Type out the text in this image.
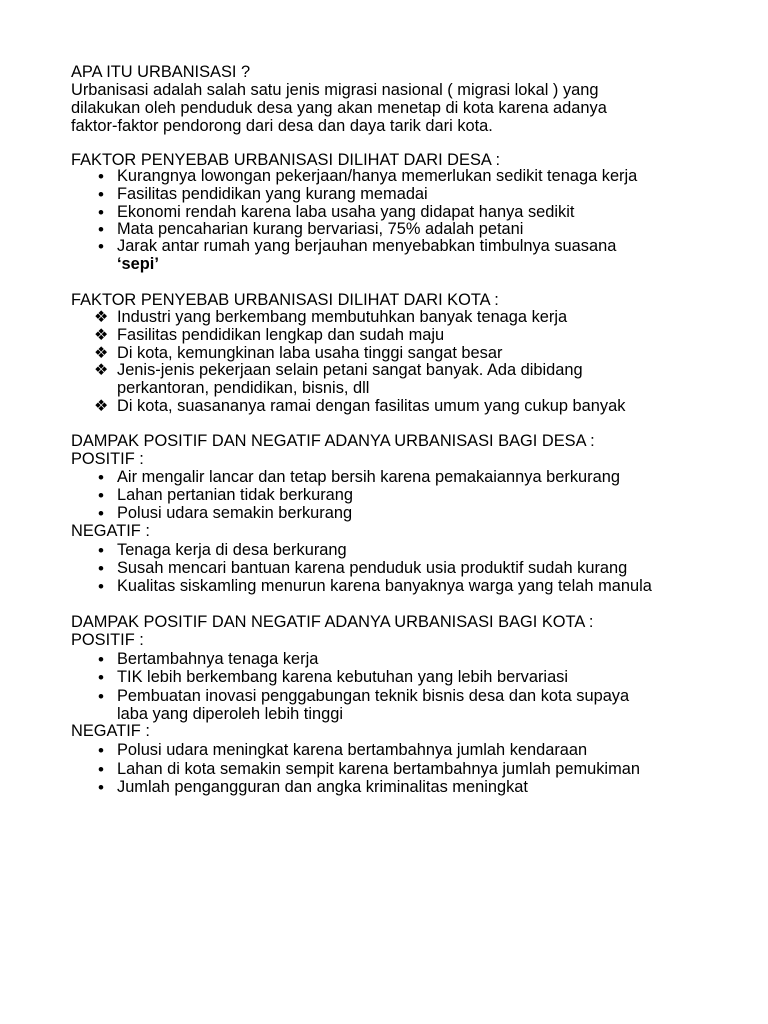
APA ITU URBANISASI ?
Urbanisasi adalah salah satu jenis migrasi nasional ( migrasi lokal ) yang
dilakukan oleh penduduk desa yang akan menetap di kota karena adanya
faktor-faktor pendorong dari desa dan daya tarik dari kota.
FAKTOR PENYEBAB URBANISASI DILIHAT DARI DESA :
• Kurangnya lowongan pekerjaan/hanya memerlukan sedikit tenaga kerja
• Fasilitas pendidikan yang kurang memadai
• Ekonomi rendah karena laba usaha yang didapat hanya sedikit
• Mata pencaharian kurang bervariasi, 75% adalah petani
• Jarak antar rumah yang berjauhan menyebabkan timbulnya suasana
‘sepi’
FAKTOR PENYEBAB URBANISASI DILIHAT DARI KOTA :
❖ Industri yang berkembang membutuhkan banyak tenaga kerja
❖ Fasilitas pendidikan lengkap dan sudah maju
❖ Di kota, kemungkinan laba usaha tinggi sangat besar
❖ Jenis-jenis pekerjaan selain petani sangat banyak. Ada dibidang
perkantoran, pendidikan, bisnis, dll
❖ Di kota, suasananya ramai dengan fasilitas umum yang cukup banyak
DAMPAK POSITIF DAN NEGATIF ADANYA URBANISASI BAGI DESA :
POSITIF :
• Air mengalir lancar dan tetap bersih karena pemakaiannya berkurang
• Lahan pertanian tidak berkurang
• Polusi udara semakin berkurang
NEGATIF :
• Tenaga kerja di desa berkurang
• Susah mencari bantuan karena penduduk usia produktif sudah kurang
• Kualitas siskamling menurun karena banyaknya warga yang telah manula
DAMPAK POSITIF DAN NEGATIF ADANYA URBANISASI BAGI KOTA :
POSITIF :
• Bertambahnya tenaga kerja
• TIK lebih berkembang karena kebutuhan yang lebih bervariasi
• Pembuatan inovasi penggabungan teknik bisnis desa dan kota supaya
laba yang diperoleh lebih tinggi
NEGATIF :
• Polusi udara meningkat karena bertambahnya jumlah kendaraan
• Lahan di kota semakin sempit karena bertambahnya jumlah pemukiman
• Jumlah pengangguran dan angka kriminalitas meningkat
